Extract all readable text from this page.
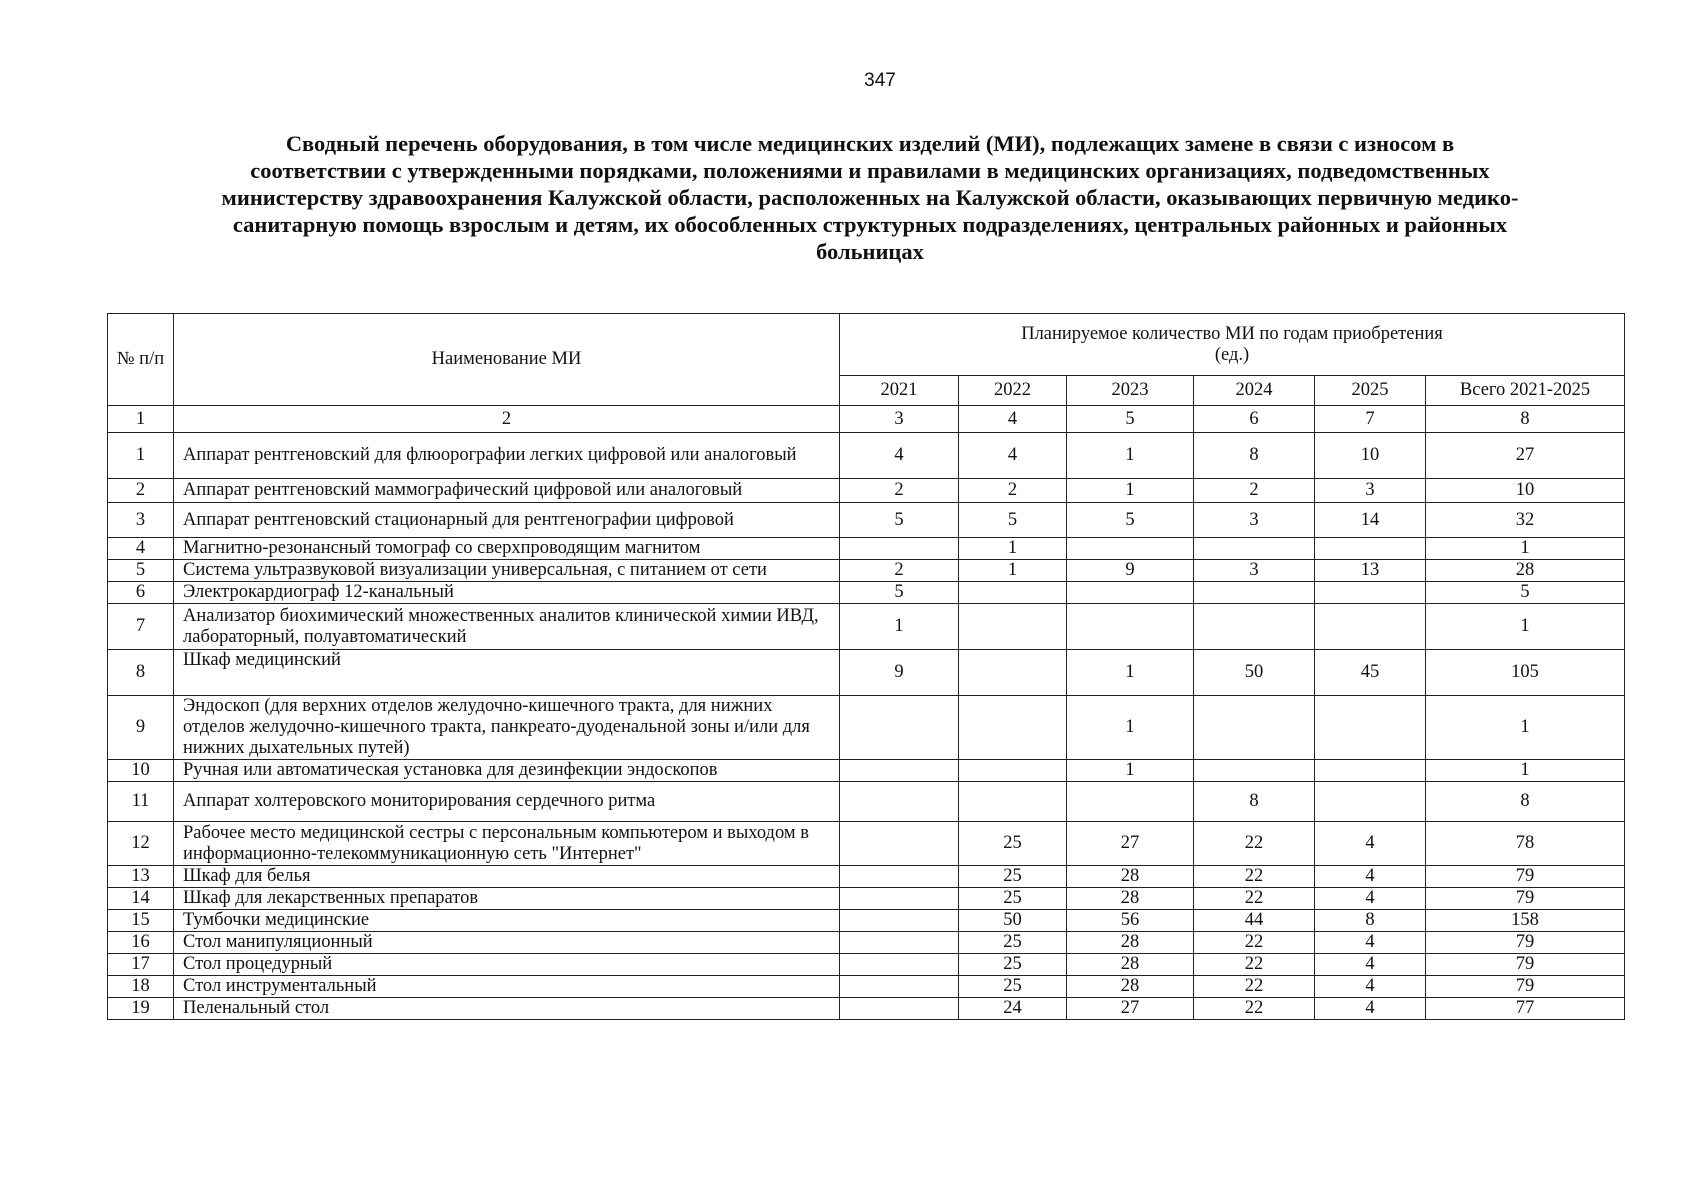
347
Сводный перечень оборудования, в том числе медицинских изделий (МИ), подлежащих замене в связи с износом в
соответствии с утвержденными порядками, положениями и правилами в медицинских организациях, подведомственных
министерству здравоохранения Калужской области, расположенных на Калужской области, оказывающих первичную медико-
санитарную помощь взрослым и детям, их обособленных структурных подразделениях, центральных районных и районных
больницах
№ п/п	Наименование МИ	Планируемое количество МИ по годам приобретения
(ед.)					

		2021	2022	2023	2024	2025	Всего 2021-2025
1	2	3	4	5	6	7	8
1	Аппарат рентгеновский для флюорографии легких цифровой или аналоговый	4	4	1	8	10	27
2	Аппарат рентгеновский маммографический цифровой или аналоговый	2	2	1	2	3	10
3	Аппарат рентгеновский стационарный для рентгенографии цифровой	5	5	5	3	14	32
4	Магнитно-резонансный томограф со сверхпроводящим магнитом		1				1
5	Система ультразвуковой визуализации универсальная, с питанием от сети	2	1	9	3	13	28
6	Электрокардиограф 12-канальный	5					5
7	Анализатор биохимический множественных аналитов клинической химии ИВД, лабораторный, полуавтоматический	1					1
8	Шкаф медицинский	9		1	50	45	105
9	Эндоскоп (для верхних отделов желудочно-кишечного тракта, для нижних отделов желудочно-кишечного тракта, панкреато-дуоденальной зоны и/или для нижних дыхательных путей)			1			1
10	Ручная или автоматическая установка для дезинфекции эндоскопов			1			1
11	Аппарат холтеровского мониторирования сердечного ритма				8		8
12	Рабочее место медицинской сестры с персональным компьютером и выходом в информационно-телекоммуникационную сеть "Интернет"		25	27	22	4	78
13	Шкаф для белья		25	28	22	4	79
14	Шкаф для лекарственных препаратов		25	28	22	4	79
15	Тумбочки медицинские		50	56	44	8	158
16	Стол манипуляционный		25	28	22	4	79
17	Стол процедурный		25	28	22	4	79
18	Стол инструментальный		25	28	22	4	79
19	Пеленальный стол		24	27	22	4	77
